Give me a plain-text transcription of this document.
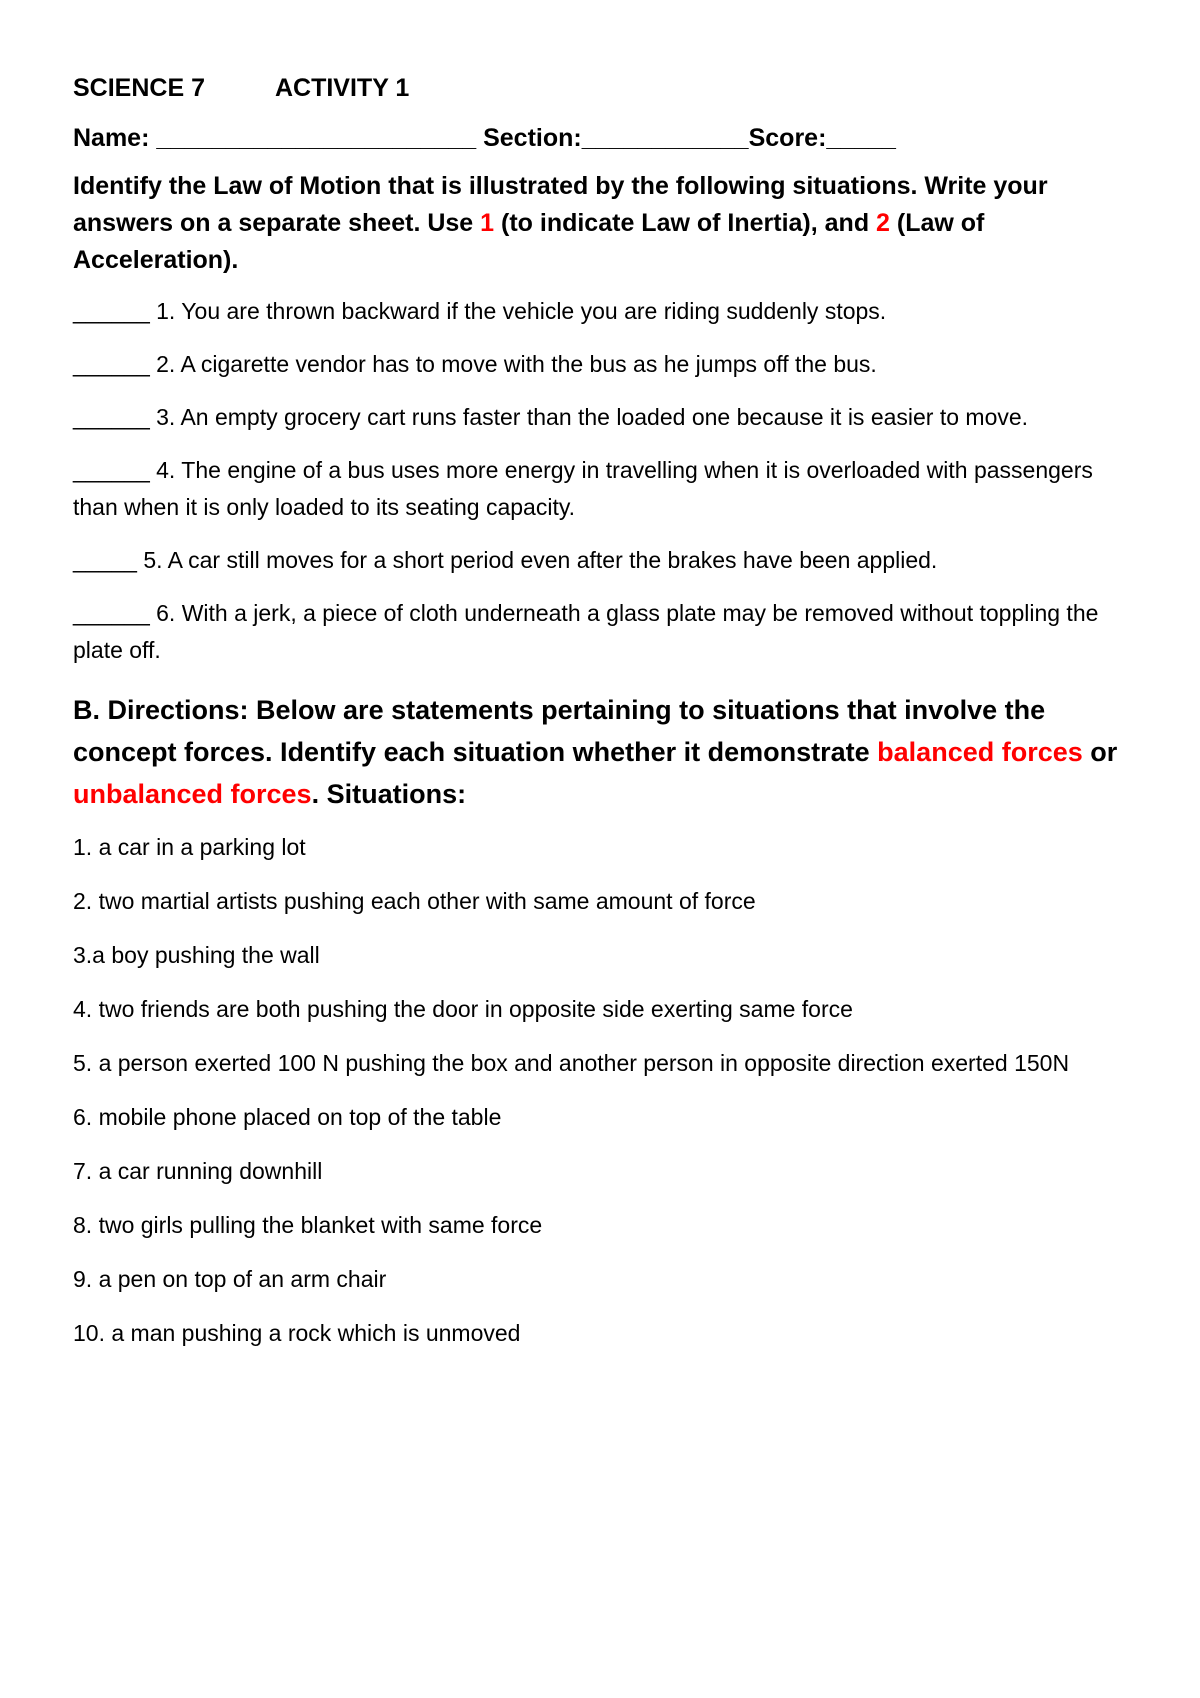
SCIENCE 7	ACTIVITY 1
Name: _______________________ Section:____________Score:_____
Identify the Law of Motion that is illustrated by the following situations. Write your answers on a separate sheet. Use 1 (to indicate Law of Inertia), and 2 (Law of Acceleration).
______ 1. You are thrown backward if the vehicle you are riding suddenly stops.
______ 2. A cigarette vendor has to move with the bus as he jumps off the bus.
______ 3. An empty grocery cart runs faster than the loaded one because it is easier to move.
______ 4. The engine of a bus uses more energy in travelling when it is overloaded with passengers than when it is only loaded to its seating capacity.
_____ 5. A car still moves for a short period even after the brakes have been applied.
______ 6. With a jerk, a piece of cloth underneath a glass plate may be removed without toppling the plate off.
B. Directions: Below are statements pertaining to situations that involve the concept forces. Identify each situation whether it demonstrate balanced forces or unbalanced forces. Situations:
1. a car in a parking lot
2. two martial artists pushing each other with same amount of force
3.a boy pushing the wall
4. two friends are both pushing the door in opposite side exerting same force
5. a person exerted 100 N pushing the box and another person in opposite direction exerted 150N
6. mobile phone placed on top of the table
7. a car running downhill
8. two girls pulling the blanket with same force
9. a pen on top of an arm chair
10. a man pushing a rock which is unmoved
